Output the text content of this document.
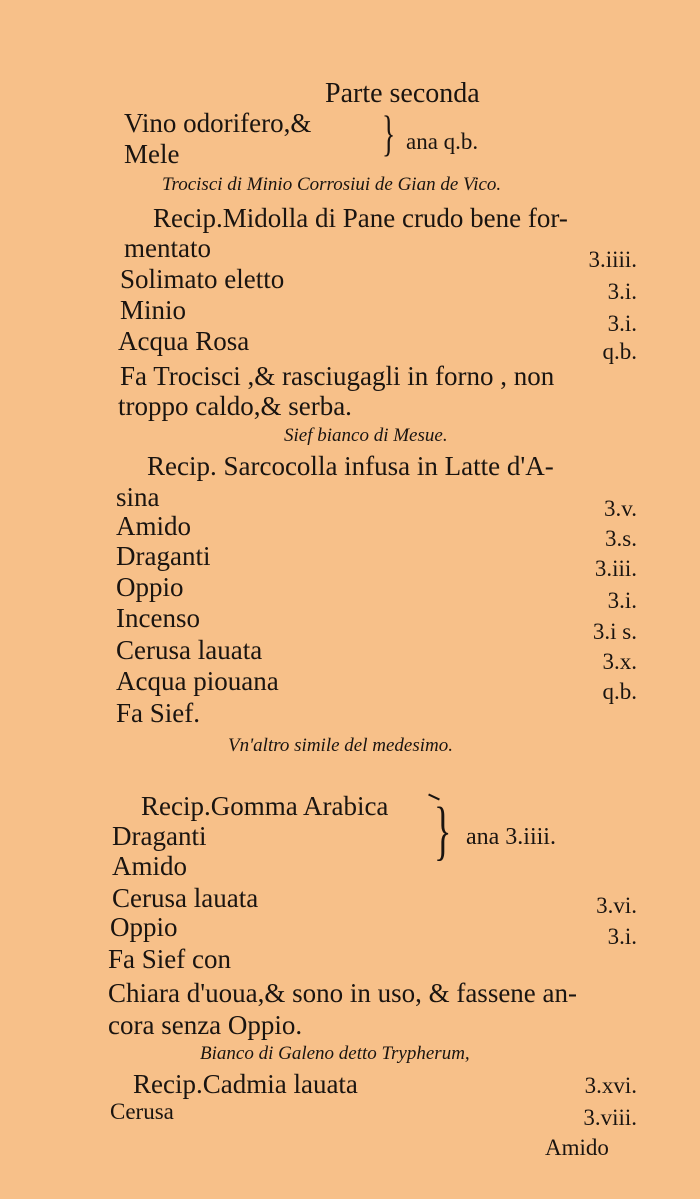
Parte seconda
Vino odorifero,&
Mele	} ana q.b.
Trocisci di Minio Corrosiui de Gian de Vico.
Recip.Midolla di Pane crudo bene for-
mentato	3.iiii.
Solimato eletto	3.i.
Minio	3.i.
Acqua Rosa	q.b.
Fa Trocisci ,& rasciugagli in forno , non
troppo caldo,& serba.
Sief bianco di Mesue.
Recip. Sarcocolla infusa in Latte d'A-
sina	3.v.
Amido	3.s.
Draganti	3.iii.
Oppio	3.i.
Incenso	3.i s.
Cerusa lauata	3.x.
Acqua piouana	q.b.
Fa Sief.
Vn'altro simile del medesimo.
Recip.Gomma Arabica
Draganti
Amido	} ana 3.iiii.
Cerusa lauata	3.vi.
Oppio	3.i.
Fa Sief con
Chiara d'uoua,& sono in uso, & fassene an-
cora senza Oppio.
Bianco di Galeno detto Trypherum,
Recip.Cadmia lauata	3.xvi.
Cerusa	3.viii.
Amido
